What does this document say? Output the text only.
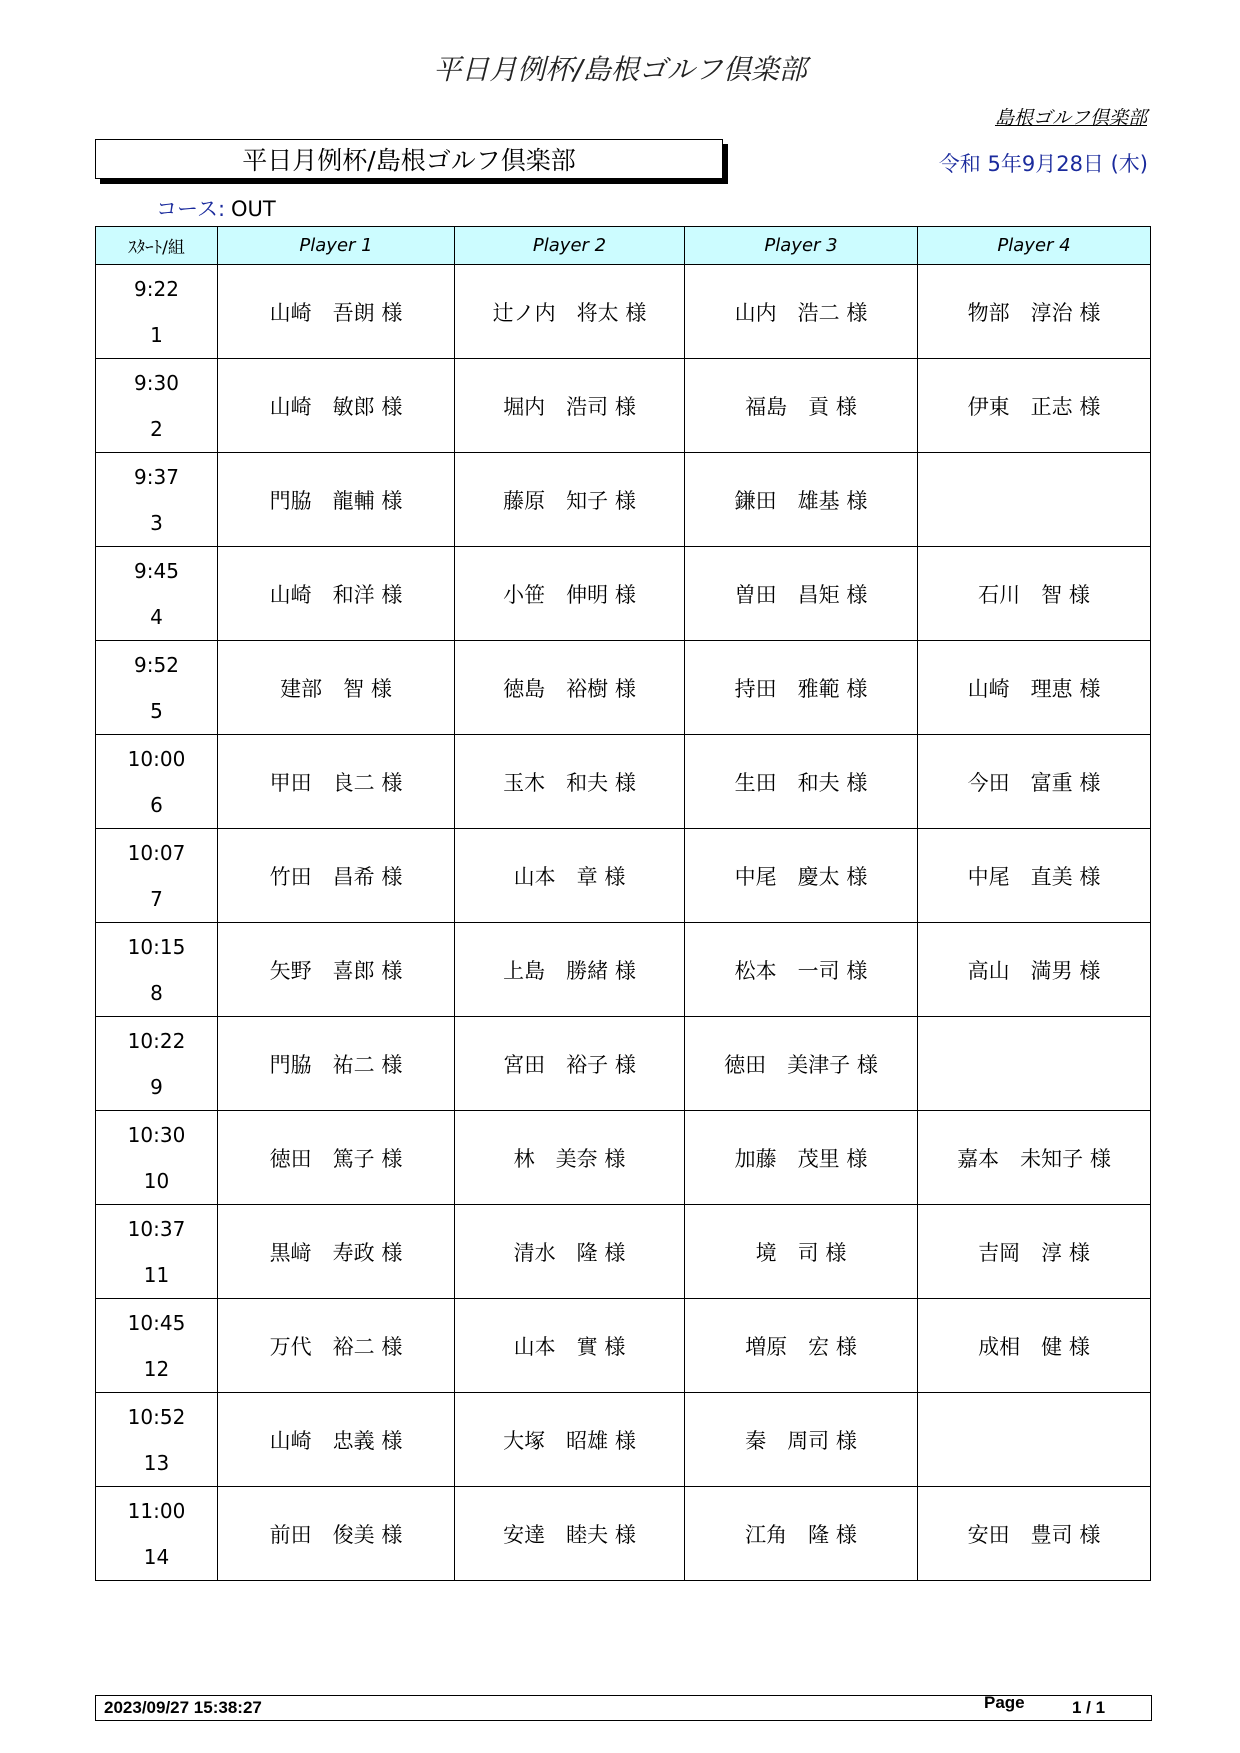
平日月例杯/島根ゴルフ倶楽部
島根ゴルフ倶楽部
平日月例杯/島根ゴルフ倶楽部	令和 5年9月28日 (木)
コース: OUT
ｽﾀｰﾄ/組	Player 1	Player 2	Player 3	Player 4

9:22
1	山崎　吾朗 様	辻ノ内　将太 様	山内　浩二 様	物部　淳治 様

9:30
2	山崎　敏郎 様	堀内　浩司 様	福島　貢 様	伊東　正志 様

9:37
3	門脇　龍輔 様	藤原　知子 様	鎌田　雄基 様	

9:45
4	山崎　和洋 様	小笹　伸明 様	曽田　昌矩 様	石川　智 様

9:52
5	建部　智 様	徳島　裕樹 様	持田　雅範 様	山崎　理恵 様

10:00
6	甲田　良二 様	玉木　和夫 様	生田　和夫 様	今田　富重 様

10:07
7	竹田　昌希 様	山本　章 様	中尾　慶太 様	中尾　直美 様

10:15
8	矢野　喜郎 様	上島　勝緒 様	松本　一司 様	高山　満男 様

10:22
9	門脇　祐二 様	宮田　裕子 様	徳田　美津子 様	

10:30
10	徳田　篤子 様	林　美奈 様	加藤　茂里 様	嘉本　未知子 様

10:37
11	黒﨑　寿政 様	清水　隆 様	境　司 様	吉岡　淳 様

10:45
12	万代　裕二 様	山本　實 様	増原　宏 様	成相　健 様

10:52
13	山崎　忠義 様	大塚　昭雄 様	秦　周司 様	

11:00
14	前田　俊美 様	安達　睦夫 様	江角　隆 様	安田　豊司 様
2023/09/27 15:38:27	Page	1 / 1
